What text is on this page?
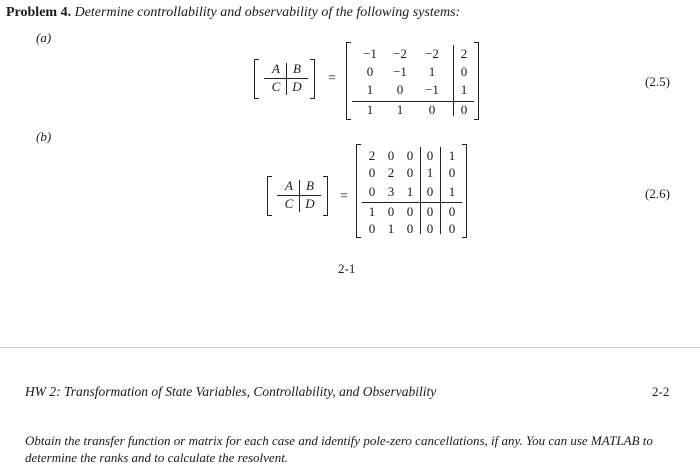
Problem 4. Determine controllability and observability of the following systems:
(a)
(b)
A	B
C D
=
−1	−2	−2	2
0	−1	1	0
1	0	−1	1
1	1	0	0
(2.5)
A	B
C D	=
2 0 0	0	1
0 2 0	1	0
0 3 1	0	1
1 0 0	0	0
0 1 0	0	0
(2.6)
2-1
HW 2: Transformation of State Variables, Controllability, and Observability	2-2
Obtain the transfer function or matrix for each case and identify pole-zero cancellations, if any. You can use MATLAB to determine the ranks and to calculate the resolvent.
